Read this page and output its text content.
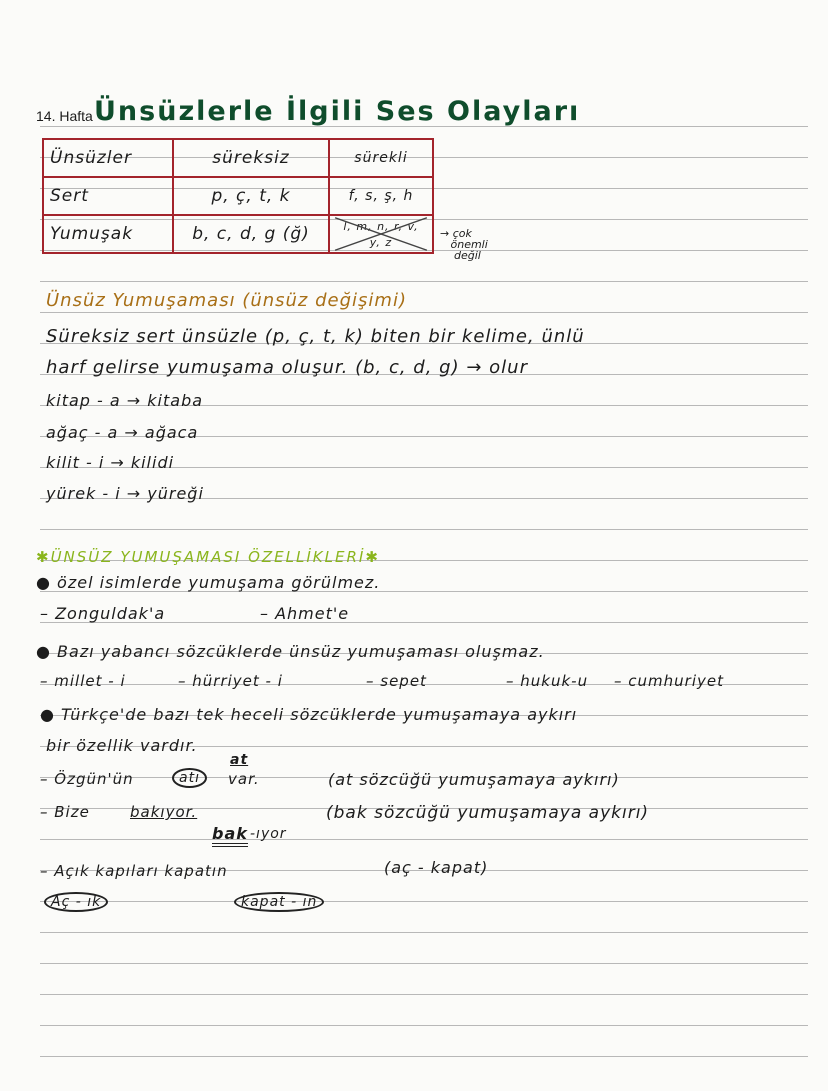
14. Hafta Ünsüzlerle İlgili Ses Olayları
Ünsüzler	süreksiz	sürekli
Sert	p, ç, t, k	f, s, ş, h
Yumuşak	b, c, d, g (ğ)	l, m, n, r, v, y, z
→ çok
önemli
değil
Ünsüz Yumuşaması (ünsüz değişimi)
Süreksiz sert ünsüzle (p, ç, t, k) biten bir kelime, ünlü
harf gelirse yumuşama oluşur. (b, c, d, g) → olur
kitap - a → kitaba
ağaç - a → ağaca
kilit - i → kilidi
yürek - i → yüreği
✱ÜNSÜZ YUMUŞAMASI ÖZELLİKLERİ✱
● özel isimlerde yumuşama görülmez.
– Zonguldak'a	– Ahmet'e
● Bazı yabancı sözcüklerde ünsüz yumuşaması oluşmaz.
– millet - i	– hürriyet - i	– sepet	– hukuk-u – cumhuriyet
● Türkçe'de bazı tek heceli sözcüklerde yumuşamaya aykırı
bir özellik vardır.
– Özgün'ün	atı
at
var.	(at sözcüğü yumuşamaya aykırı)
– Bize	bakıyor.	(bak sözcüğü yumuşamaya aykırı)
bak -ıyor
– Açık kapıları kapatın	(aç - kapat)
Aç - ık	kapat - ın
